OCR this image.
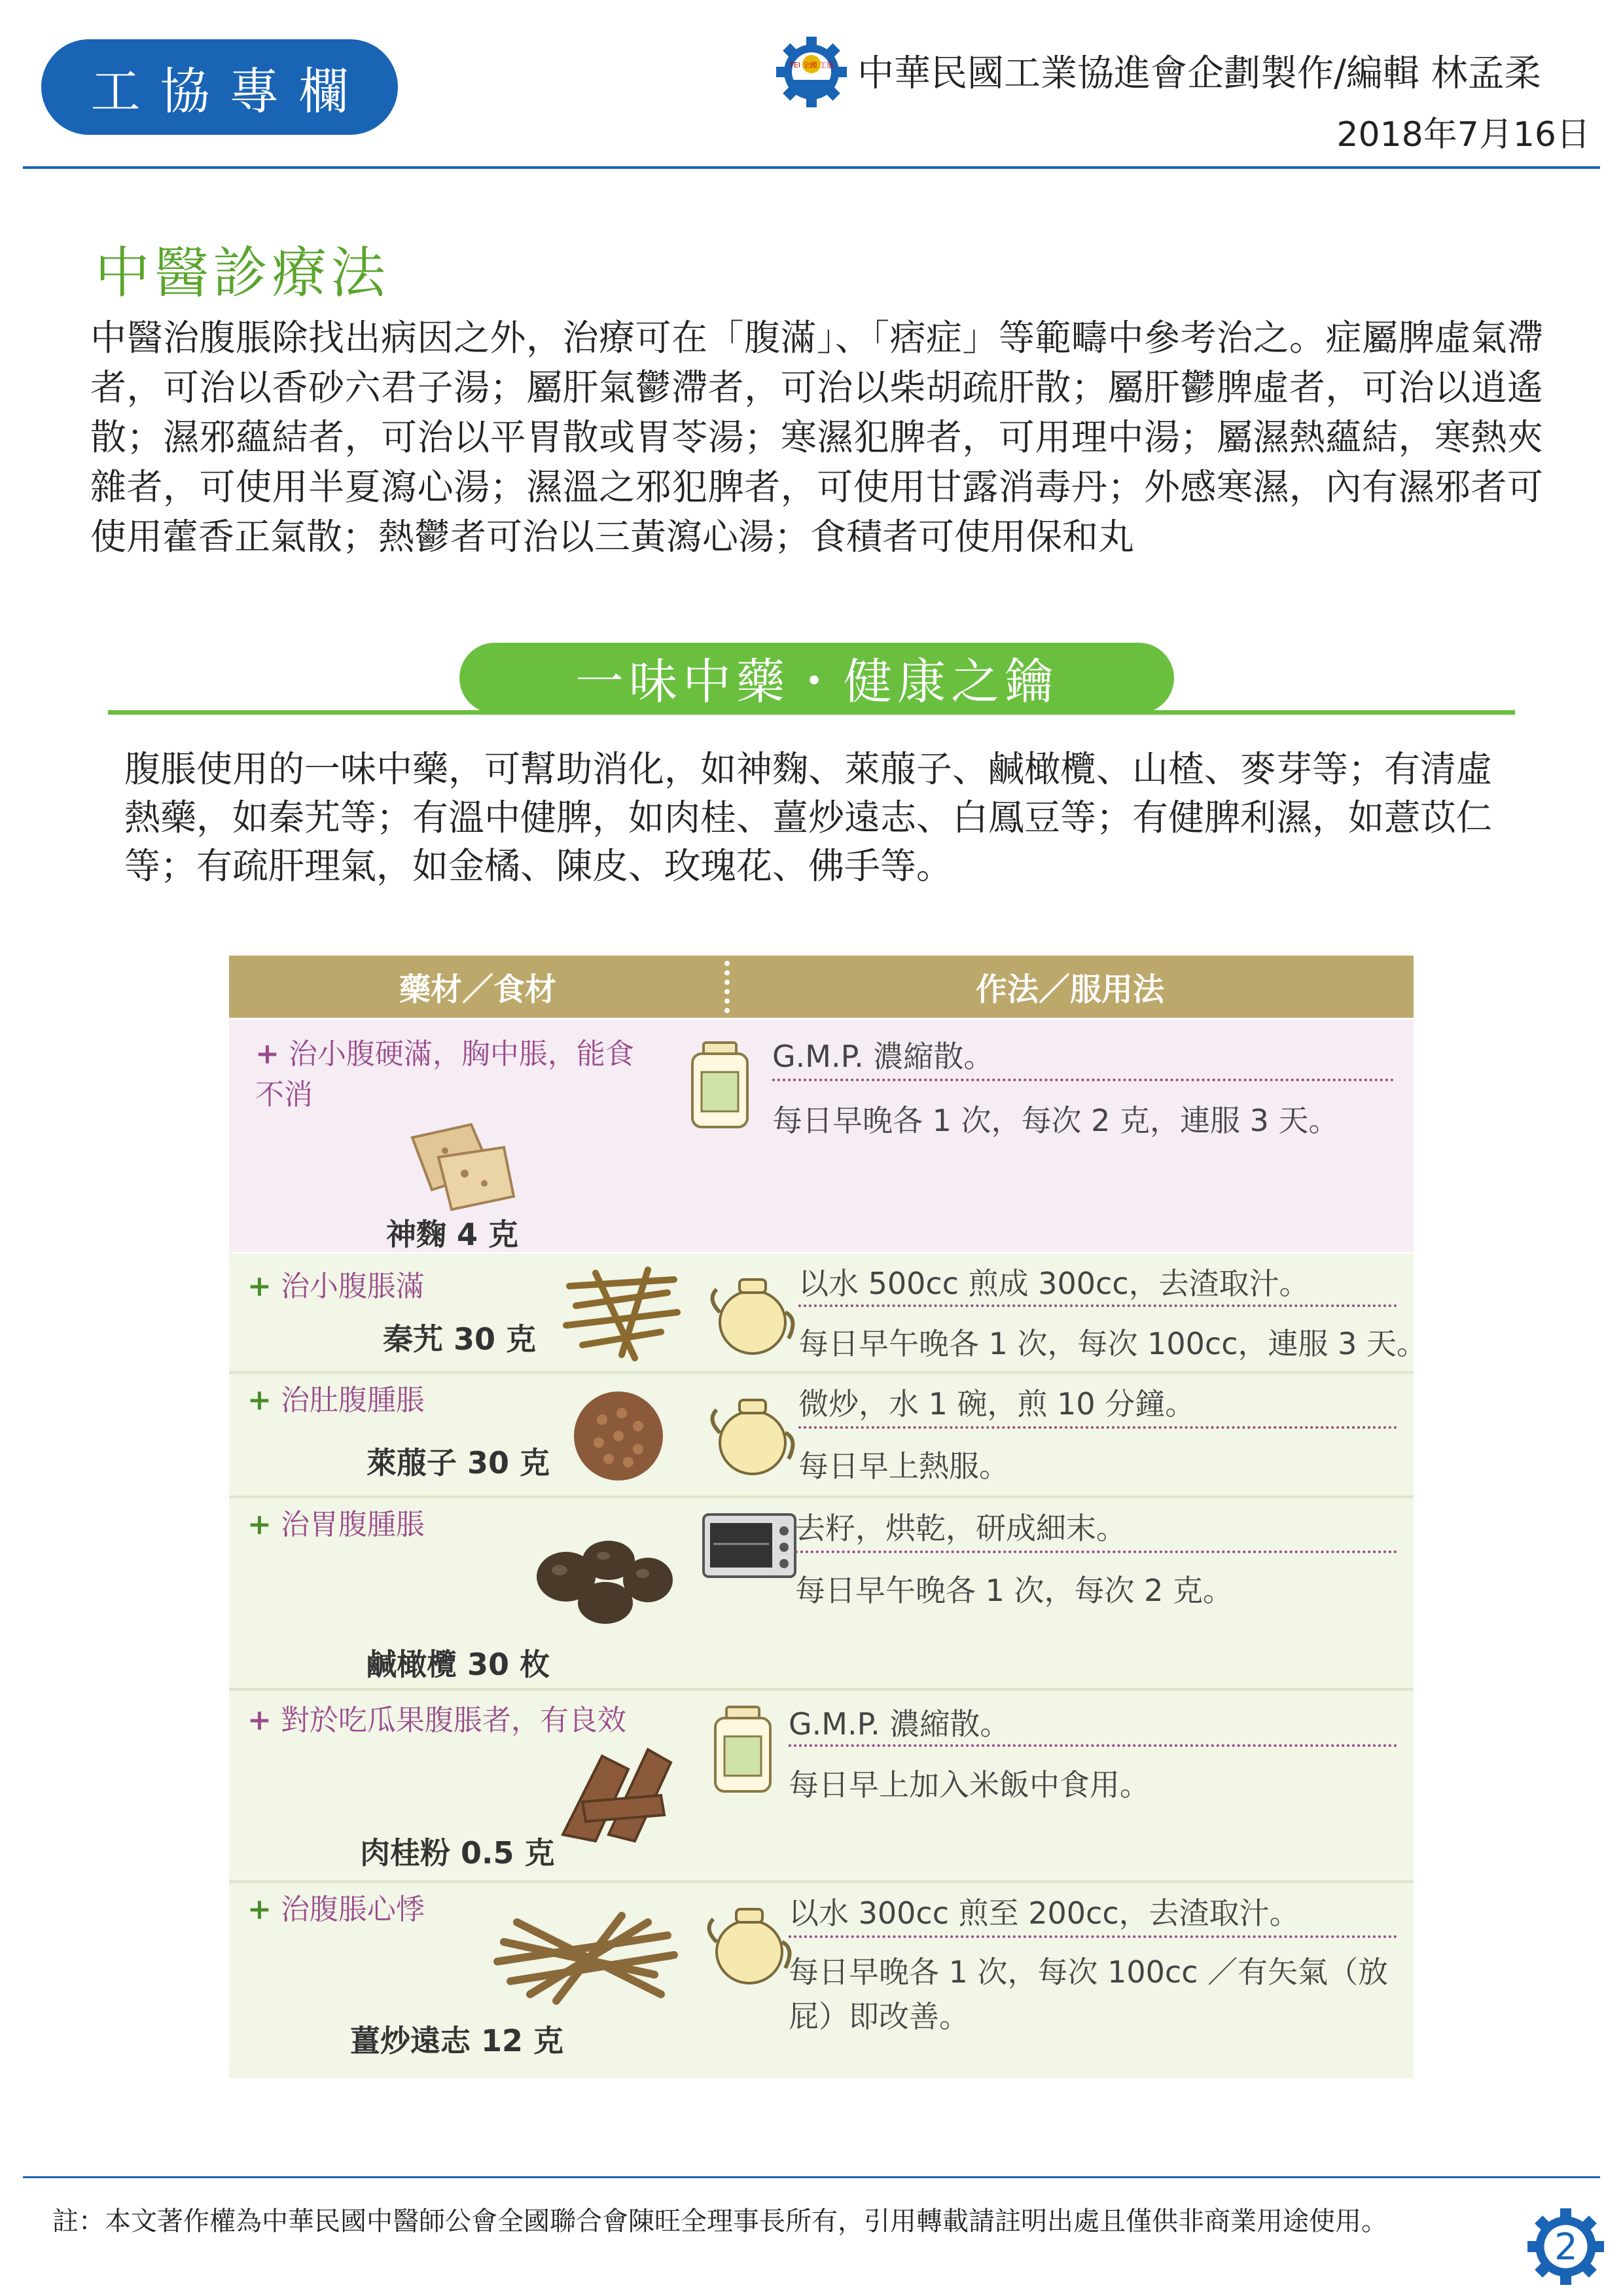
工協專欄	TEI 全國 工協 中華民國工業協進會企劃製作/編輯 林孟柔
2018年7月16日
中醫診療法
中醫治腹脹除找出病因之外，治療可在「腹滿」、「痞症」等範疇中參考治之。症屬脾虛氣滯者，可治以香砂六君子湯；屬肝氣鬱滯者，可治以柴胡疏肝散；屬肝鬱脾虛者，可治以逍遙散；濕邪蘊結者，可治以平胃散或胃苓湯；寒濕犯脾者，可用理中湯；屬濕熱蘊結，寒熱夾雜者，可使用半夏瀉心湯；濕溫之邪犯脾者，可使用甘露消毒丹；外感寒濕，內有濕邪者可使用藿香正氣散；熱鬱者可治以三黃瀉心湯；食積者可使用保和丸
一味中藥・健康之鑰
腹脹使用的一味中藥，可幫助消化，如神麴、萊菔子、鹹橄欖、山楂、麥芽等；有清虛熱藥，如秦艽等；有溫中健脾，如肉桂、薑炒遠志、白鳳豆等；有健脾利濕，如薏苡仁等；有疏肝理氣，如金橘、陳皮、玫瑰花、佛手等。
藥材／食材	作法／服用法
+ 治小腹硬滿，胸中脹，能食不消
神麴 4 克
G.M.P. 濃縮散。
每日早晚各 1 次，每次 2 克，連服 3 天。
+ 治小腹脹滿
秦艽 30 克
以水 500cc 煎成 300cc，去渣取汁。
每日早午晚各 1 次，每次 100cc，連服 3 天。
+ 治肚腹腫脹
萊菔子 30 克
微炒，水 1 碗，煎 10 分鐘。
每日早上熱服。
+ 治胃腹腫脹
鹹橄欖 30 枚
去籽，烘乾，研成細末。
每日早午晚各 1 次，每次 2 克。
+ 對於吃瓜果腹脹者，有良效
肉桂粉 0.5 克
G.M.P. 濃縮散。
每日早上加入米飯中食用。
+ 治腹脹心悸
薑炒遠志 12 克
以水 300cc 煎至 200cc，去渣取汁。
每日早晚各 1 次，每次 100cc ／有矢氣（放
屁）即改善。
註：本文著作權為中華民國中醫師公會全國聯合會陳旺全理事長所有，引用轉載請註明出處且僅供非商業用途使用。
2
